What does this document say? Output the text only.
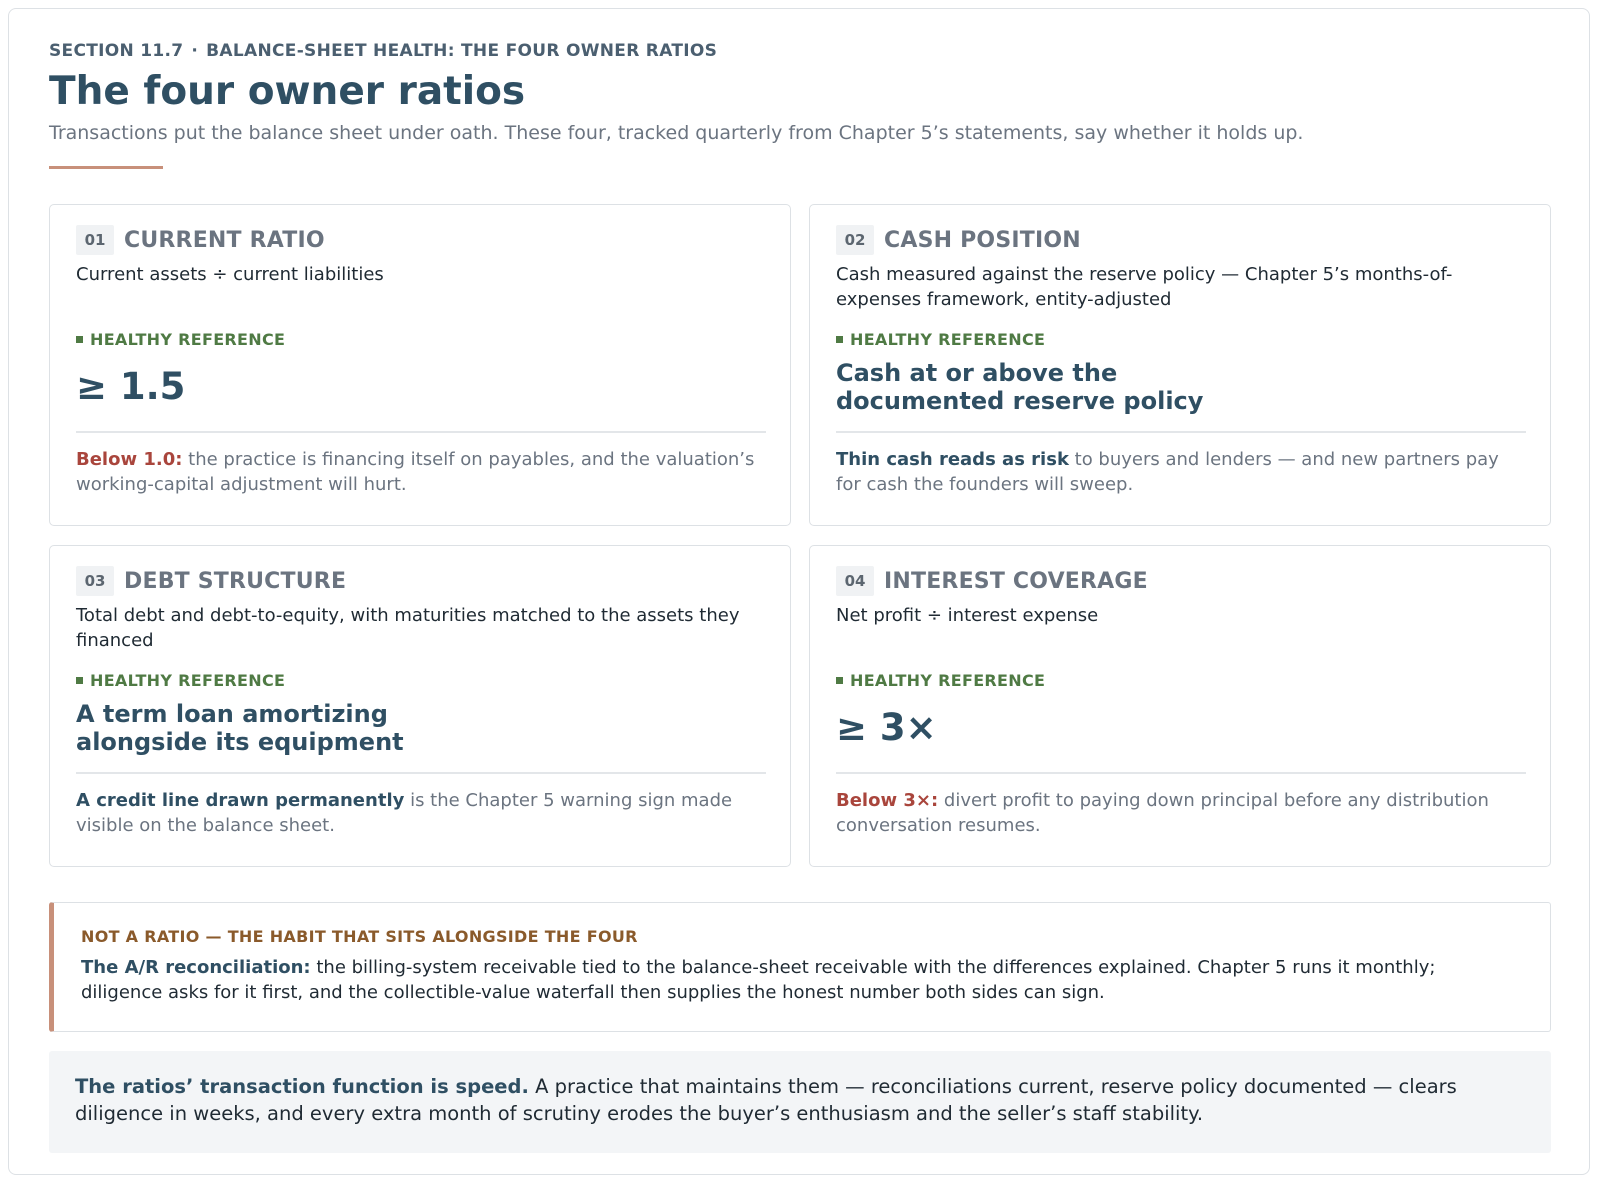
SECTION 11.7 · BALANCE-SHEET HEALTH: THE FOUR OWNER RATIOS
The four owner ratios
Transactions put the balance sheet under oath. These four, tracked quarterly from Chapter 5’s statements, say whether it holds up.
01 CURRENT RATIO
Current assets ÷ current liabilities
HEALTHY REFERENCE
≥ 1.5
Below 1.0: the practice is financing itself on payables, and the valuation’s working-capital adjustment will hurt.
02 CASH POSITION
Cash measured against the reserve policy — Chapter 5’s months-of-expenses framework, entity-adjusted
HEALTHY REFERENCE
Cash at or above the documented reserve policy
Thin cash reads as risk to buyers and lenders — and new partners pay for cash the founders will sweep.
03 DEBT STRUCTURE
Total debt and debt-to-equity, with maturities matched to the assets they financed
HEALTHY REFERENCE
A term loan amortizing alongside its equipment
A credit line drawn permanently is the Chapter 5 warning sign made visible on the balance sheet.
04 INTEREST COVERAGE
Net profit ÷ interest expense
HEALTHY REFERENCE
≥ 3×
Below 3×: divert profit to paying down principal before any distribution conversation resumes.
NOT A RATIO — THE HABIT THAT SITS ALONGSIDE THE FOUR
The A/R reconciliation: the billing-system receivable tied to the balance-sheet receivable with the differences explained. Chapter 5 runs it monthly; diligence asks for it first, and the collectible-value waterfall then supplies the honest number both sides can sign.
The ratios’ transaction function is speed. A practice that maintains them — reconciliations current, reserve policy documented — clears diligence in weeks, and every extra month of scrutiny erodes the buyer’s enthusiasm and the seller’s staff stability.
